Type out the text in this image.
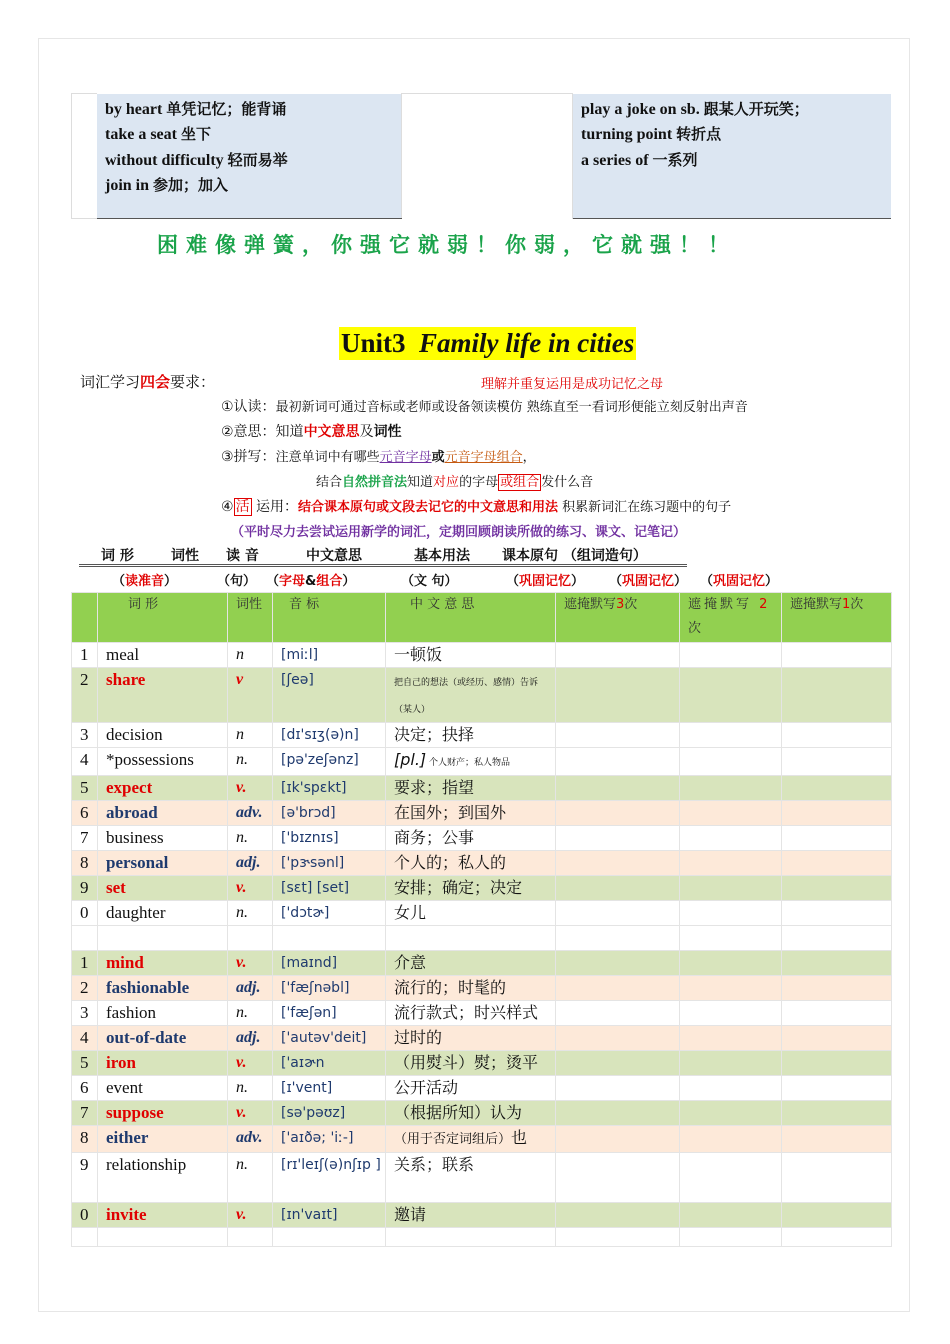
by heart 单凭记忆；能背诵
take a seat 坐下
without difficulty 轻而易举
join in 参加；加入

play a joke on sb. 跟某人开玩笑；
turning point 转折点
a series of 一系列
困难像弹簧，你强它就弱！你弱，它就强！！
Unit3 Family life in cities
词汇学习四会要求：	理解并重复运用是成功记忆之母
①认读：最初新词可通过音标或老师或设备领读模仿 熟练直至一看词形便能立刻反射出声音
②意思：知道中文意思及词性
③拼写：注意单词中有哪些元音字母或元音字母组合，
结合自然拼音法知道对应的字母 或组合 发什么音
④ 活 运用：结合课本原句或文段去记它的中文意思和用法 积累新词汇在练习题中的句子
（平时尽力去尝试运用新学的词汇，定期回顾朗读所做的练习、课文、记笔记）
词 形	词性 读 音	中文意思	基本用法 课本原句 （组词造句）
（读准音）	（句） （字母&组合）	（文 句）	（巩固记忆） （巩固记忆） （巩固记忆）
	词 形	词性	音 标	中 文 意 思	遮掩默写3次	遮掩默写 2 次	遮掩默写1次
1	meal	n	[miːl]	一顿饭			
2	share	v	[ʃeə]	把自己的想法（或经历、感情）告诉（某人）			
3	decision	n	[dɪ'sɪʒ(ə)n]	决定；抉择			
4	*possessions	n.	[pə'zeʃənz]	[pl.] 个人财产；私人物品			
5	expect	v.	[ɪk'spɛkt]	要求；指望			
6	abroad	adv.	[ə'brɔd]	在国外；到国外			
7	business	n.	['bɪznɪs]	商务；公事			
8	personal	adj.	['pɝsənl]	个人的；私人的			
9	set	v.	[sɛt] [set]	安排；确定；决定			
0	daughter	n.	['dɔtɚ]	女儿			

1	mind	v.	[maɪnd]	介意			
2	fashionable	adj.	['fæʃnəbl]	流行的；时髦的			
3	fashion	n.	['fæʃən]	流行款式；时兴样式			
4	out-of-date	adj.	['autəv'deit]	过时的			
5	iron	v.	['aɪɚn	（用熨斗）熨；烫平			
6	event	n.	[ɪ'vent]	公开活动			
7	suppose	v.	[sə'pəʊz]	（根据所知）认为			
8	either	adv.	['aɪðə; 'iː-]	（用于否定词组后）也			
9	relationship	n.	[rɪ'leɪʃ(ə)nʃɪp ]	关系；联系			
0	invite	v.	[ɪn'vaɪt]	邀请			
